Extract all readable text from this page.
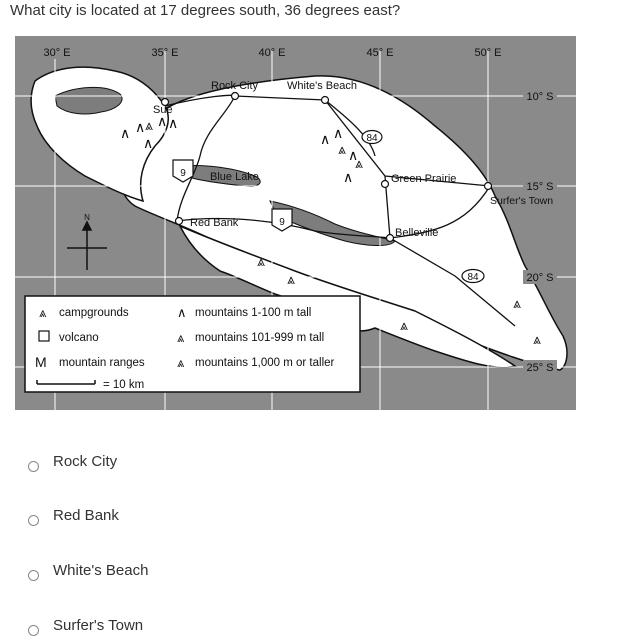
What city is located at 17 degrees south, 36 degrees east?
9
9
84
84
∧ ∧ ⩓ ∧ ∧
∧	∧ ∧
⩓ ∧
⩓
∧
⩓
⩓
⩓
⩓
⩓
30° E	35° E	40° E	45° E	50° E
10° S
15° S
20° S
25° S
Sue
Rock City	White's Beach
Blue Lake	Green Prairie
Red Bank
Belleville
Surfer's Town
N
⩓ campgrounds
volcano
M mountain ranges
= 10 km
∧ mountains 1-100 m tall
⩓ mountains 101-999 m tall
⩓ mountains 1,000 m or taller
Rock City
Red Bank
White's Beach
Surfer's Town
